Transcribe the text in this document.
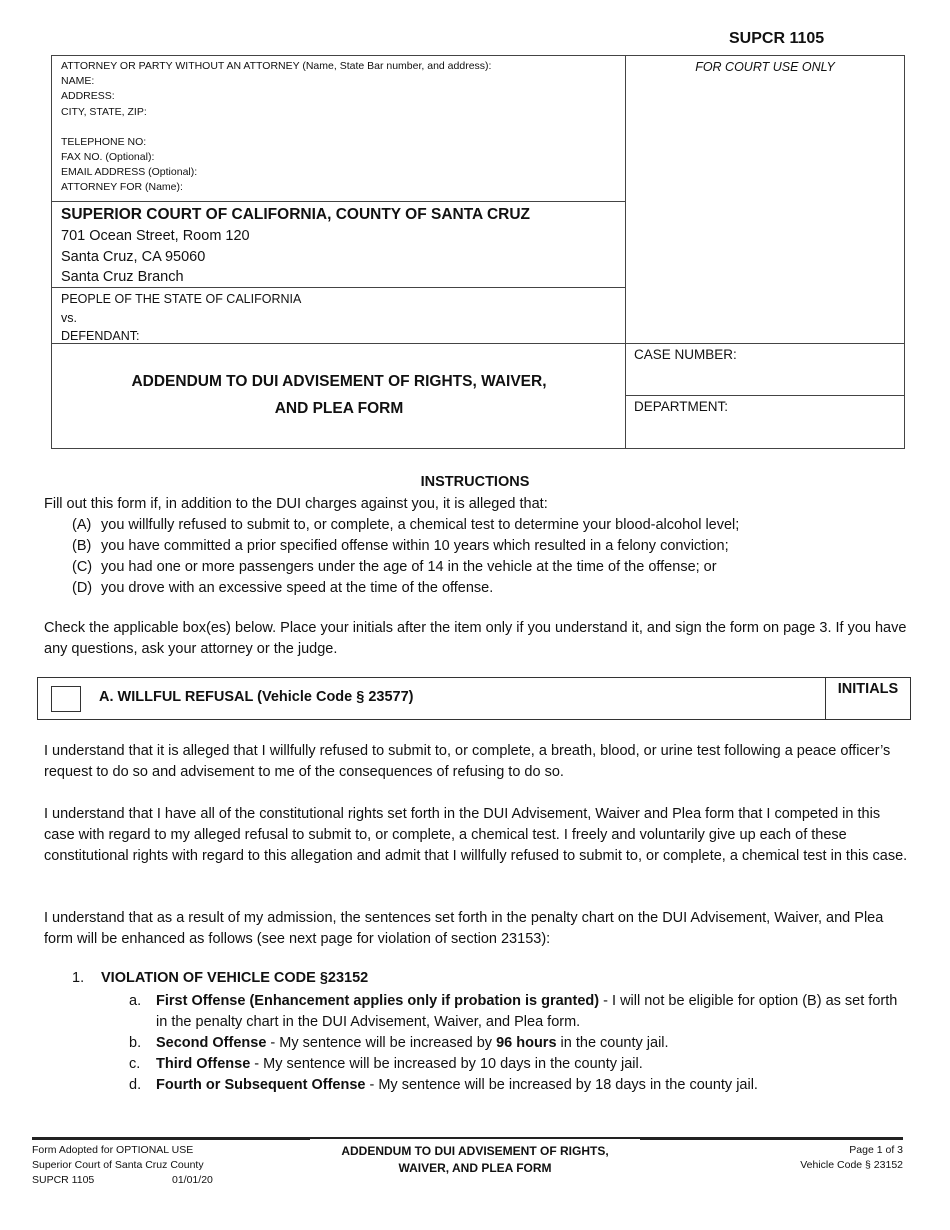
SUPCR 1105
ATTORNEY OR PARTY WITHOUT AN ATTORNEY (Name, State Bar number, and address):
NAME:
ADDRESS:
CITY, STATE, ZIP:
TELEPHONE NO:
FAX NO. (Optional):
EMAIL ADDRESS (Optional):
ATTORNEY FOR (Name):
SUPERIOR COURT OF CALIFORNIA, COUNTY OF SANTA CRUZ
701 Ocean Street, Room 120
Santa Cruz, CA 95060
Santa Cruz Branch
PEOPLE OF THE STATE OF CALIFORNIA
vs.
DEFENDANT:
ADDENDUM TO DUI ADVISEMENT OF RIGHTS, WAIVER,
AND PLEA FORM
FOR COURT USE ONLY
CASE NUMBER:
DEPARTMENT:
INSTRUCTIONS
Fill out this form if, in addition to the DUI charges against you, it is alleged that:
(A) you willfully refused to submit to, or complete, a chemical test to determine your blood-alcohol level;
(B) you have committed a prior specified offense within 10 years which resulted in a felony conviction;
(C) you had one or more passengers under the age of 14 in the vehicle at the time of the offense; or
(D) you drove with an excessive speed at the time of the offense.
Check the applicable box(es) below. Place your initials after the item only if you understand it, and sign the form on page 3. If you have any questions, ask your attorney or the judge.
A. WILLFUL REFUSAL (Vehicle Code § 23577)	INITIALS
I understand that it is alleged that I willfully refused to submit to, or complete, a breath, blood, or urine test following a peace officer’s request to do so and advisement to me of the consequences of refusing to do so.
I understand that I have all of the constitutional rights set forth in the DUI Advisement, Waiver and Plea form that I competed in this case with regard to my alleged refusal to submit to, or complete, a chemical test. I freely and voluntarily give up each of these constitutional rights with regard to this allegation and admit that I willfully refused to submit to, or complete, a chemical test in this case.
I understand that as a result of my admission, the sentences set forth in the penalty chart on the DUI Advisement, Waiver, and Plea form will be enhanced as follows (see next page for violation of section 23153):
1. VIOLATION OF VEHICLE CODE §23152
a. First Offense (Enhancement applies only if probation is granted) - I will not be eligible for option (B) as set forth in the penalty chart in the DUI Advisement, Waiver, and Plea form.
b. Second Offense - My sentence will be increased by 96 hours in the county jail.
c. Third Offense - My sentence will be increased by 10 days in the county jail.
d. Fourth or Subsequent Offense - My sentence will be increased by 18 days in the county jail.
Form Adopted for OPTIONAL USE
Superior Court of Santa Cruz County
SUPCR 1105	01/01/20
ADDENDUM TO DUI ADVISEMENT OF RIGHTS,
WAIVER, AND PLEA FORM
Page 1 of 3
Vehicle Code § 23152
